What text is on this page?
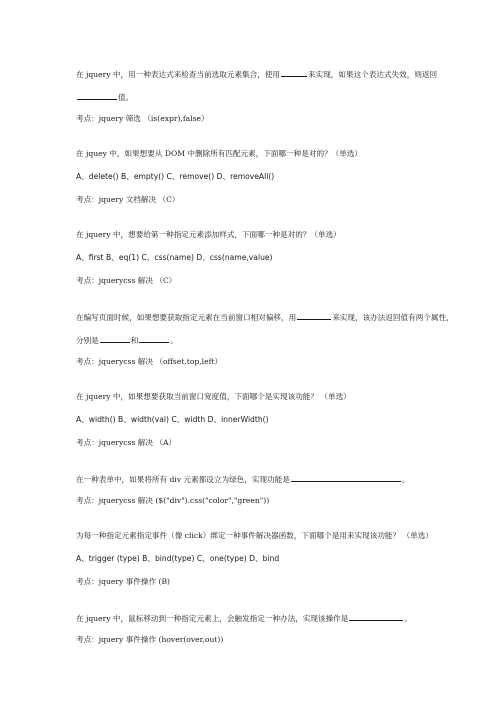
在 jquery 中，用一种表达式来检查当前选取元素集合，使用	来实现，如果这个表达式失效，则返回
值。
考点：jquery 筛选 （is(expr),false）
在 jquey 中，如果想要从 DOM 中删除所有匹配元素，下面哪一种是对的？（单选）
A、delete() B、empty() C、remove() D、removeAll()
考点：jquery 文档解决 （C）
在 jquery 中，想要给第一种指定元素添加样式，下面哪一种是对的？（单选）
A、first B、eq(1) C、css(name) D、css(name,value)
考点：jquerycss 解决 （C）
在编写页面时候，如果想要获取指定元素在当前窗口相对偏移，用	来实现，该办法返回值有两个属性，
分别是	和	。
考点：jquerycss 解决 （offset,top,left）
在 jquery 中，如果想要获取当前窗口宽度值，下面哪个是实现该功能？ （单选）
A、width() B、width(val) C、width D、innerWidth()
考点：jquerycss 解决 （A）
在一种表单中，如果将所有 div 元素都设立为绿色，实现功能是	。
考点：jquerycss 解决 ($("div").css("color","green"))
为每一种指定元素指定事件（像 click）绑定一种事件解决器函数，下面哪个是用来实现该功能？ （单选）
A、trigger (type) B、bind(type) C、one(type) D、bind
考点：jquery 事件操作 (B)
在 jquery 中，鼠标移动到一种指定元素上，会触发指定一种办法，实现该操作是	。
考点：jquery 事件操作 (hover(over,out))
